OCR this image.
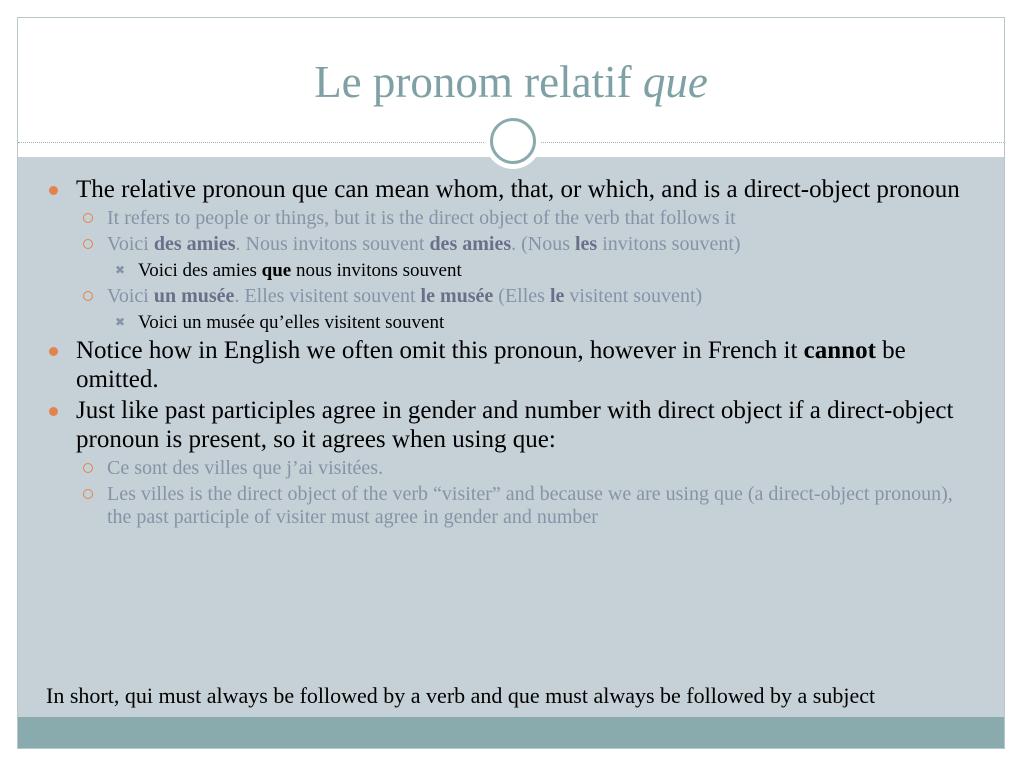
Le pronom relatif que
The relative pronoun que can mean whom, that, or which, and is a direct-object pronoun
It refers to people or things, but it is the direct object of the verb that follows it
Voici des amies. Nous invitons souvent des amies. (Nous les invitons souvent)
✖ Voici des amies que nous invitons souvent
Voici un musée. Elles visitent souvent le musée (Elles le visitent souvent)
✖ Voici un musée qu’elles visitent souvent
Notice how in English we often omit this pronoun, however in French it cannot be omitted.
Just like past participles agree in gender and number with direct object if a direct-object pronoun is present, so it agrees when using que:
Ce sont des villes que j’ai visitées.
Les villes is the direct object of the verb “visiter” and because we are using que (a direct-object pronoun), the past participle of visiter must agree in gender and number
In short, qui must always be followed by a verb and que must always be followed by a subject
